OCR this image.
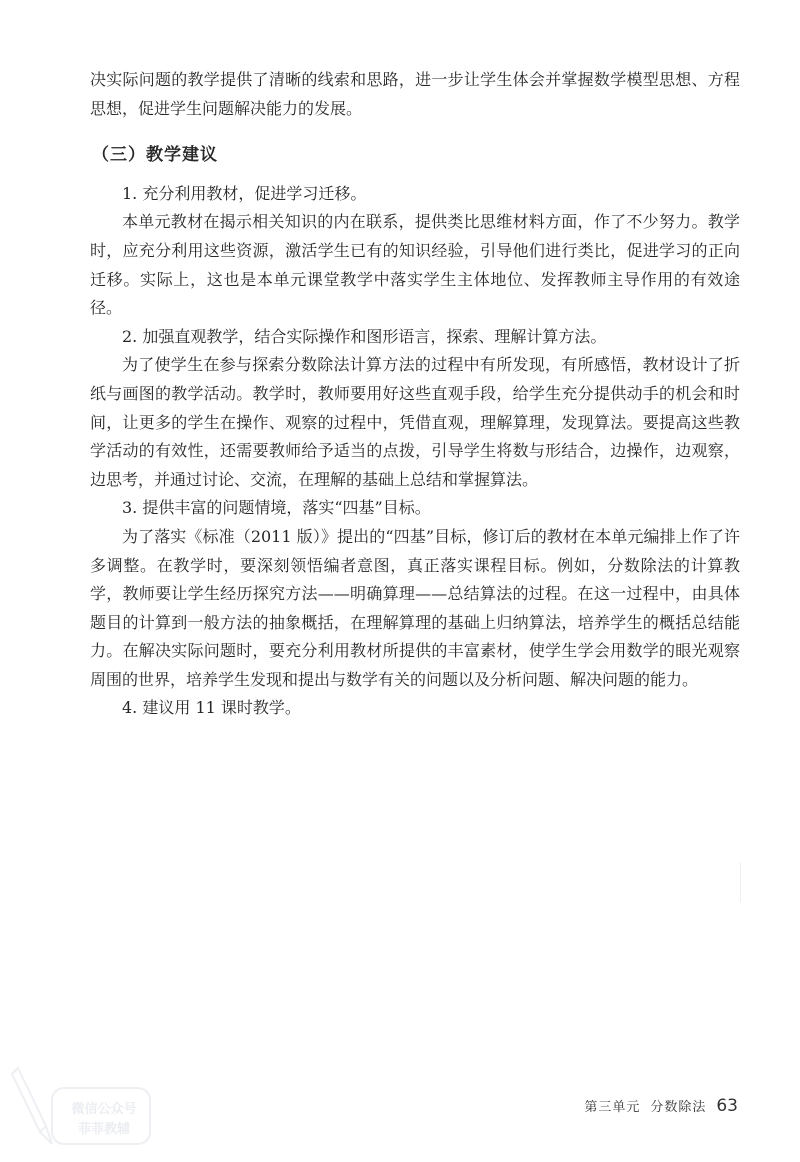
决实际问题的教学提供了清晰的线索和思路，进一步让学生体会并掌握数学模型思想、方程思想，促进学生问题解决能力的发展。

（三）教学建议

1. 充分利用教材，促进学习迁移。

本单元教材在揭示相关知识的内在联系，提供类比思维材料方面，作了不少努力。教学时，应充分利用这些资源，激活学生已有的知识经验，引导他们进行类比，促进学习的正向迁移。实际上，这也是本单元课堂教学中落实学生主体地位、发挥教师主导作用的有效途径。

2. 加强直观教学，结合实际操作和图形语言，探索、理解计算方法。

为了使学生在参与探索分数除法计算方法的过程中有所发现，有所感悟，教材设计了折纸与画图的教学活动。教学时，教师要用好这些直观手段，给学生充分提供动手的机会和时间，让更多的学生在操作、观察的过程中，凭借直观，理解算理，发现算法。要提高这些教学活动的有效性，还需要教师给予适当的点拨，引导学生将数与形结合，边操作，边观察，边思考，并通过讨论、交流，在理解的基础上总结和掌握算法。

3. 提供丰富的问题情境，落实“四基”目标。

为了落实《标准（2011 版）》提出的“四基”目标，修订后的教材在本单元编排上作了许多调整。在教学时，要深刻领悟编者意图，真正落实课程目标。例如，分数除法的计算教学，教师要让学生经历探究方法——明确算理——总结算法的过程。在这一过程中，由具体题目的计算到一般方法的抽象概括，在理解算理的基础上归纳算法，培养学生的概括总结能力。在解决实际问题时，要充分利用教材所提供的丰富素材，使学生学会用数学的眼光观察周围的世界，培养学生发现和提出与数学有关的问题以及分析问题、解决问题的能力。

4. 建议用 11 课时教学。

微信公众号
菲菲教辅
第三单元 分数除法 63
